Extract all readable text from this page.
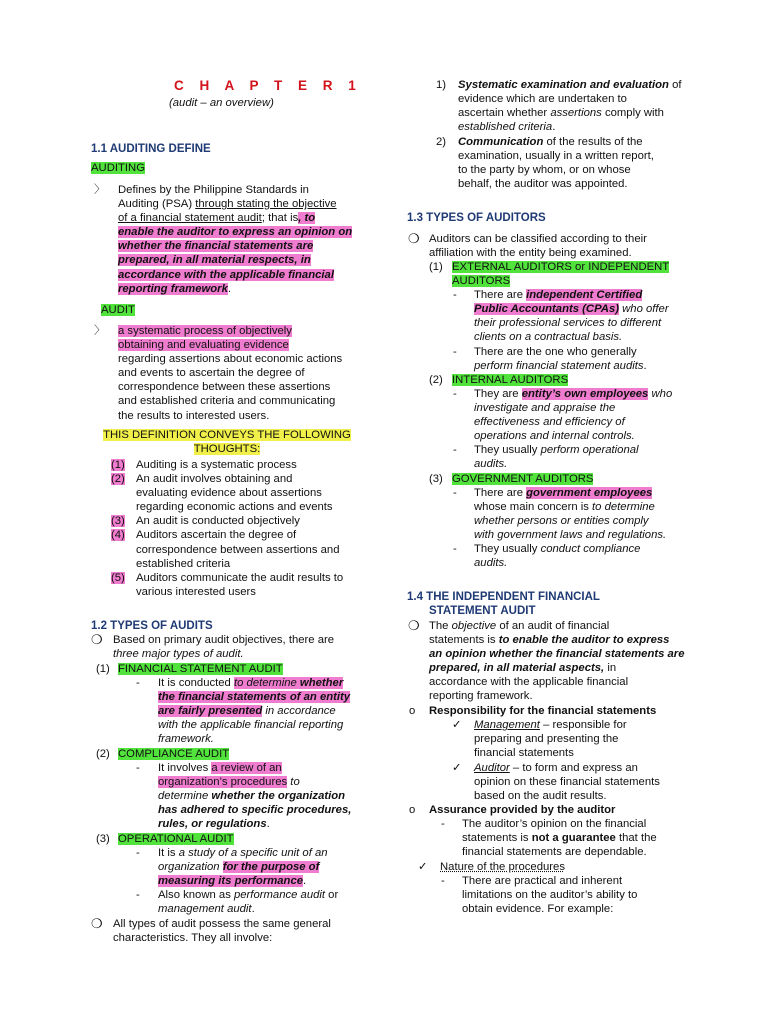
C H A P T E R 1
(audit – an overview)
1.1 AUDITING DEFINE
AUDITING
〉 Defines by the Philippine Standards in
Auditing (PSA) through stating the objective
of a financial statement audit; that is, to
enable the auditor to express an opinion on
whether the financial statements are
prepared, in all material respects, in
accordance with the applicable financial
reporting framework.
AUDIT
〉 a systematic process of objectively
obtaining and evaluating evidence
regarding assertions about economic actions
and events to ascertain the degree of
correspondence between these assertions
and established criteria and communicating
the results to interested users.
THIS DEFINITION CONVEYS THE FOLLOWING
THOUGHTS:
(1) Auditing is a systematic process
(2) An audit involves obtaining and
evaluating evidence about assertions
regarding economic actions and events
(3) An audit is conducted objectively
(4) Auditors ascertain the degree of
correspondence between assertions and
established criteria
(5) Auditors communicate the audit results to
various interested users
1.2 TYPES OF AUDITS
❍ Based on primary audit objectives, there are
three major types of audit.
(1) FINANCIAL STATEMENT AUDIT
- It is conducted to determine whether
the financial statements of an entity
are fairly presented in accordance
with the applicable financial reporting
framework.
(2) COMPLIANCE AUDIT
- It involves a review of an
organization’s procedures to
determine whether the organization
has adhered to specific procedures,
rules, or regulations.
(3) OPERATIONAL AUDIT
- It is a study of a specific unit of an
organization for the purpose of
measuring its performance.
- Also known as performance audit or
management audit.
❍ All types of audit possess the same general
characteristics. They all involve:
1) Systematic examination and evaluation of
evidence which are undertaken to
ascertain whether assertions comply with
established criteria.
2) Communication of the results of the
examination, usually in a written report,
to the party by whom, or on whose
behalf, the auditor was appointed.
1.3 TYPES OF AUDITORS
❍ Auditors can be classified according to their
affiliation with the entity being examined.
(1) EXTERNAL AUDITORS or INDEPENDENT
AUDITORS
- There are independent Certified
Public Accountants (CPAs) who offer
their professional services to different
clients on a contractual basis.
- There are the one who generally
perform financial statement audits.
(2) INTERNAL AUDITORS
- They are entity’s own employees who
investigate and appraise the
effectiveness and efficiency of
operations and internal controls.
- They usually perform operational
audits.
(3) GOVERNMENT AUDITORS
- There are government employees
whose main concern is to determine
whether persons or entities comply
with government laws and regulations.
- They usually conduct compliance
audits.
1.4 THE INDEPENDENT FINANCIAL
STATEMENT AUDIT
❍ The objective of an audit of financial
statements is to enable the auditor to express
an opinion whether the financial statements are
prepared, in all material aspects, in
accordance with the applicable financial
reporting framework.
o Responsibility for the financial statements
✓ Management – responsible for
preparing and presenting the
financial statements
✓ Auditor – to form and express an
opinion on these financial statements
based on the audit results.
o Assurance provided by the auditor
- The auditor’s opinion on the financial
statements is not a guarantee that the
financial statements are dependable.
✓ Nature of the procedures
- There are practical and inherent
limitations on the auditor’s ability to
obtain evidence. For example:
